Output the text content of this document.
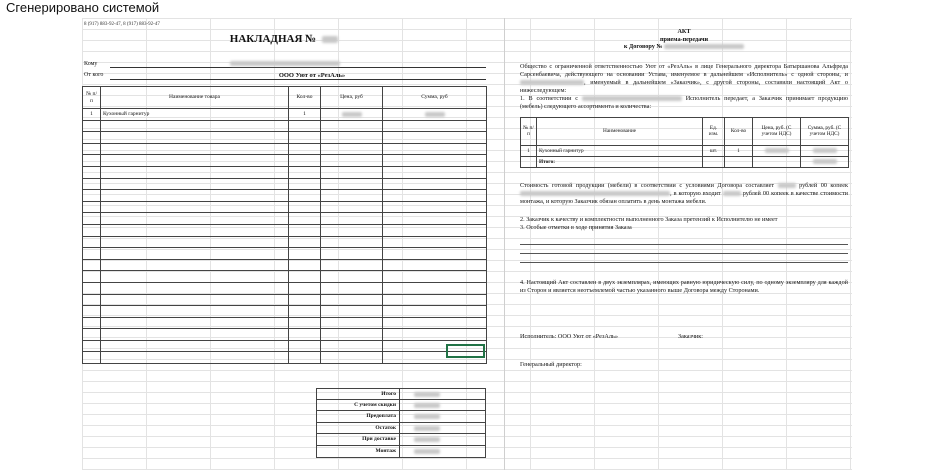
Сгенерировано системой
8 (917) 883-92-47, 8 (917) 883-92-47
НАКЛАДНАЯ №
Кому
От кого	ООО Уют от «РезАль»
№ п/п	Наименование товара	Кол-во	Цена, руб	Сумма, руб
1	Кухонный гарнитур	1		

Итого
С учетом скидки
Предоплата
Остаток
При доставке
Монтаж
АКТ
приема-передачи
к Договору №

Общество с ограниченной ответственностью Уют от «РезАль» в лице Генерального директора Батыршанова Альфреда Сарсенбаевича, действующего на основании Устава, именуемое в дальнейшем «Исполнитель» с одной стороны, и , именуемый в дальнейшем «Заказчик», с другой стороны, составили настоящий Акт о нижеследующем:

1. В соответствии с	Исполнитель передает, а Заказчик принимает продукцию (мебель) следующего ассортимента и количества:

№ п/п	Наименование	Ед. изм.	Кол-во	Цена, руб. (С учетом НДС)	Сумма, руб. (С учетом НДС)
1	Кухонный гарнитур	шт.	1		
	Итого:				

Стоимость готовой продукции (мебели) в соответствии с условиями Договора составляет	рублей 00 копеек , в которую входит	рублей 00 копеек в качестве стоимости монтажа, и которую Заказчик обязан оплатить в день монтажа мебели.

2. Заказчик к качеству и комплектности выполненного Заказа претензий к Исполнителю не имеет

3. Особые отметки в ходе принятия Заказа

4. Настоящий Акт составлен в двух экземплярах, имеющих равную юридическую силу, по одному экземпляру для каждой из Сторон и является неотъемлемой частью указанного выше Договора между Сторонами.

Исполнитель: ООО Уют от «РезАль»	Заказчик:
Генеральный директор:
